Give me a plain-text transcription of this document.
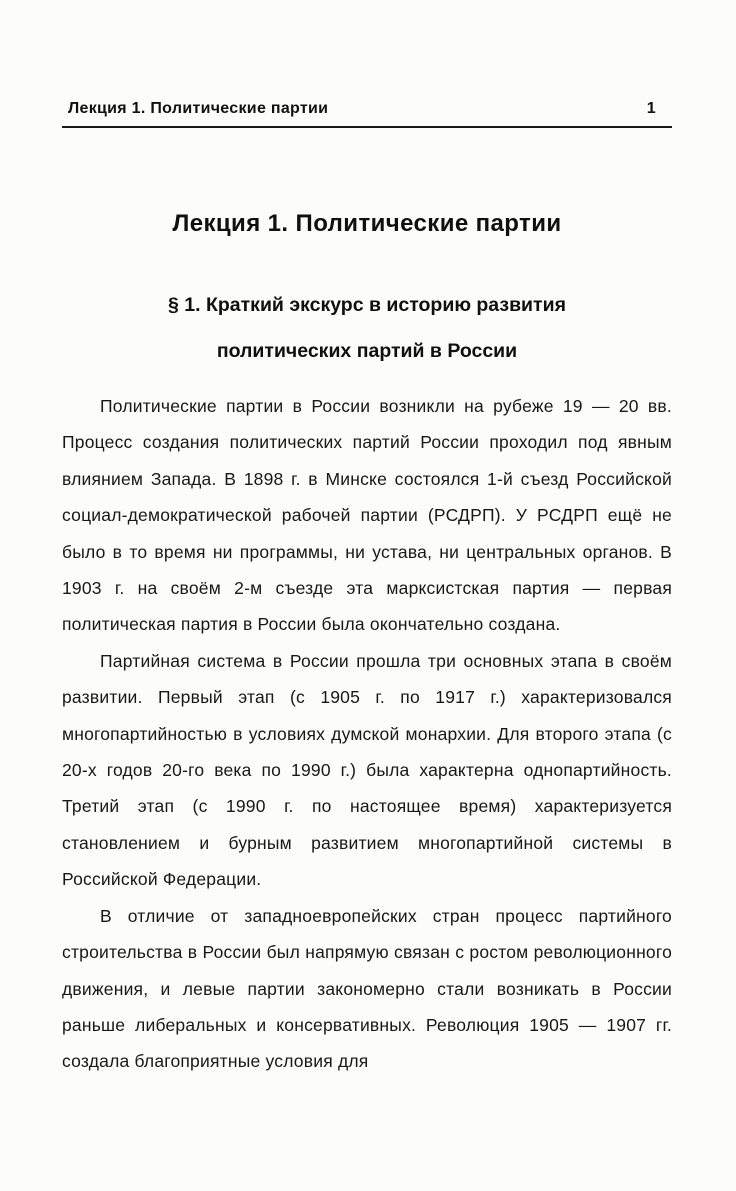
Лекция 1. Политические партии	1
Лекция 1. Политические партии
§ 1. Краткий экскурс в историю развития
политических партий в России

Политические партии в России возникли на рубеже 19 — 20 вв. Процесс создания политических партий России проходил под явным влиянием Запада. В 1898 г. в Минске состоялся 1-й съезд Российской социал-демократической рабочей партии (РСДРП). У РСДРП ещё не было в то время ни программы, ни устава, ни центральных органов. В 1903 г. на своём 2-м съезде эта марксистская партия — первая политическая партия в России была окончательно создана.

Партийная система в России прошла три основных этапа в своём развитии. Первый этап (с 1905 г. по 1917 г.) характеризовался многопартийностью в условиях думской монархии. Для второго этапа (с 20-х годов 20-го века по 1990 г.) была характерна однопартийность. Третий этап (с 1990 г. по настоящее время) характеризуется становлением и бурным развитием многопартийной системы в Российской Федерации.

В отличие от западноевропейских стран процесс партийного строительства в России был напрямую связан с ростом революционного движения, и левые партии закономерно стали возникать в России раньше либеральных и консервативных. Революция 1905 — 1907 гг. создала благоприятные условия для
